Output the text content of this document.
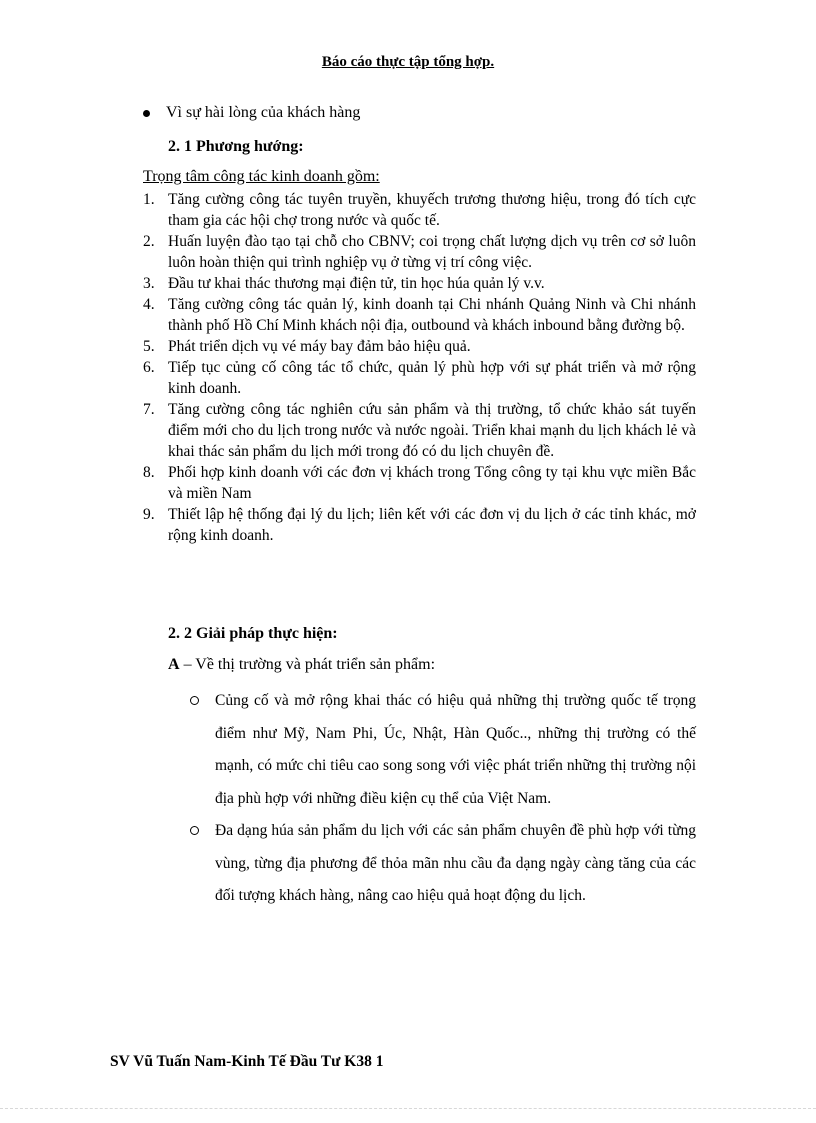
Báo cáo thực tập tổng hợp.
Vì sự hài lòng của khách hàng
2. 1 Phương hướng:
Trọng tâm công tác kinh doanh gồm:
1. Tăng cường công tác tuyên truyền, khuyếch trương thương hiệu, trong đó tích cực tham gia các hội chợ trong nước và quốc tế.
2. Huấn luyện đào tạo tại chỗ cho CBNV; coi trọng chất lượng dịch vụ trên cơ sở luôn luôn hoàn thiện qui trình nghiệp vụ ở từng vị trí công việc.
3. Đầu tư khai thác thương mại điện tử, tin học húa quản lý v.v.
4. Tăng cường công tác quản lý, kinh doanh tại Chi nhánh Quảng Ninh và Chi nhánh thành phố Hồ Chí Minh khách nội địa, outbound và khách inbound bằng đường bộ.
5. Phát triển dịch vụ vé máy bay đảm bảo hiệu quả.
6. Tiếp tục củng cố công tác tổ chức, quản lý phù hợp với sự phát triển và mở rộng kinh doanh.
7. Tăng cường công tác nghiên cứu sản phẩm và thị trường, tổ chức khảo sát tuyến điểm mới cho du lịch trong nước và nước ngoài. Triển khai mạnh du lịch khách lẻ và khai thác sản phẩm du lịch mới trong đó có du lịch chuyên đề.
8. Phối hợp kinh doanh với các đơn vị khách trong Tổng công ty tại khu vực miền Bắc và miền Nam
9. Thiết lập hệ thống đại lý du lịch; liên kết với các đơn vị du lịch ở các tỉnh khác, mở rộng kinh doanh.
2. 2 Giải pháp thực hiện:
A – Về thị trường và phát triển sản phẩm:
Củng cố và mở rộng khai thác có hiệu quả những thị trường quốc tế trọng điểm như Mỹ, Nam Phi, Úc, Nhật, Hàn Quốc.., những thị trường có thế mạnh, có mức chi tiêu cao song song với việc phát triển những thị trường nội địa phù hợp với những điều kiện cụ thể của Việt Nam.
Đa dạng húa sản phẩm du lịch với các sản phẩm chuyên đề phù hợp với từng vùng, từng địa phương để thỏa mãn nhu cầu đa dạng ngày càng tăng của các đối tượng khách hàng, nâng cao hiệu quả hoạt động du lịch.
SV Vũ Tuấn Nam-Kinh Tế Đầu Tư K38 1
